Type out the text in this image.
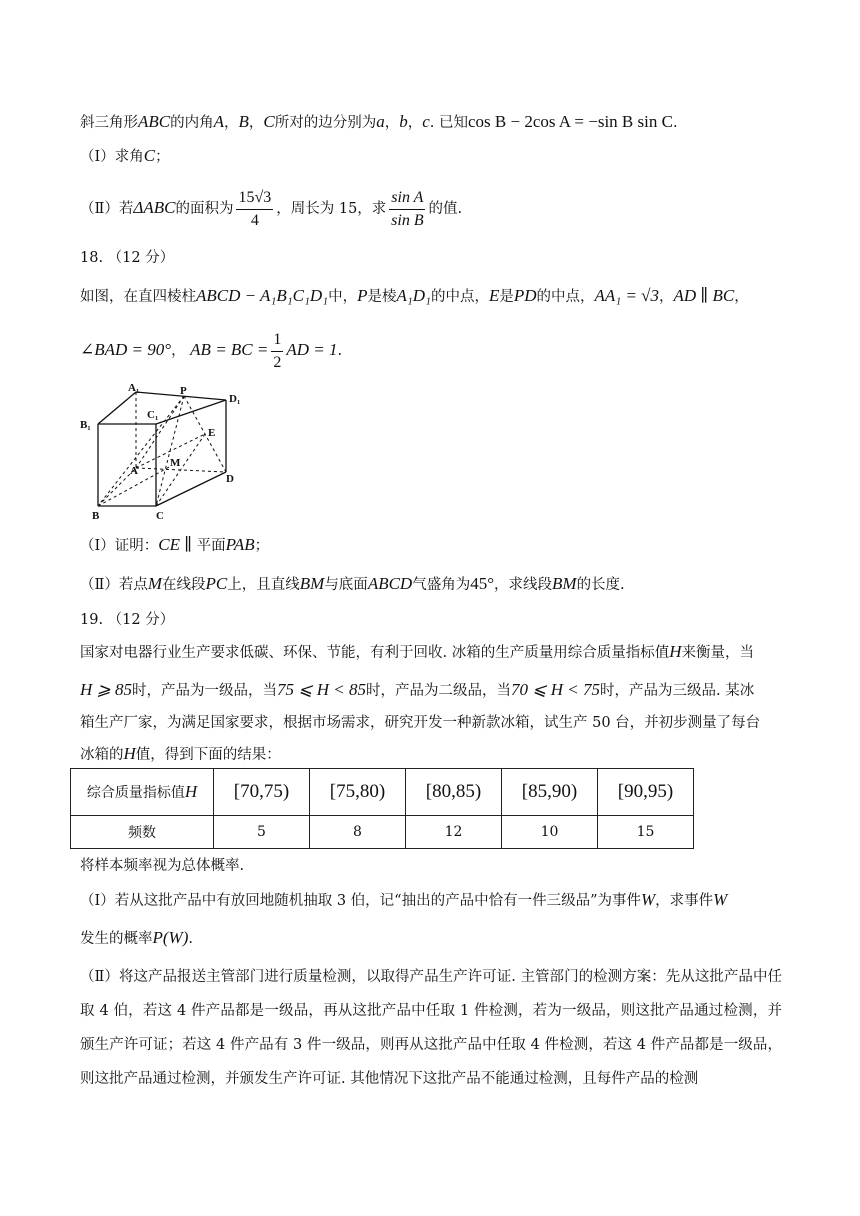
斜三角形ABC的内角A，B，C所对的边分别为a，b，c. 已知cos B − 2cos A = −sin B sin C.
（Ⅰ）求角C；
（Ⅱ）若ΔABC的面积为 $\frac{15√3}{4}$ ，周长为 15，求 $\frac{\text{sin A}}{\text{sin B}}$ 的值.
18. （12 分）
如图，在直四棱柱ABCD − A₁B₁C₁D₁中，P是棱A₁D₁的中点，E是PD的中点，AA₁ = √3，AD ∥ BC，
∠BAD = 90°， AB = BC = $\frac{1}{2}$ AD = 1.
A₁	P
D₁
B₁
C₁
E
A
M
D
B	C
（Ⅰ）证明：CE ∥ 平面PAB；
（Ⅱ）若点M在线段PC上，且直线BM与底面ABCD气盛角为45°，求线段BM的长度.
19. （12 分）
国家对电器行业生产要求低碳、环保、节能，有利于回收. 冰箱的生产质量用综合质量指标值H来衡量，当
H ⩾ 85时，产品为一级品，当75 ⩽ H < 85时，产品为二级品，当70 ⩽ H < 75时，产品为三级品. 某冰
箱生产厂家，为满足国家要求，根据市场需求，研究开发一种新款冰箱，试生产 50 台，并初步测量了每台
冰箱的H值，得到下面的结果：
综合质量指标值H	[70,75)	[75,80)	[80,85)	[85,90)	[90,95)
频数	5	8	12	10	15
将样本频率视为总体概率.
（Ⅰ）若从这批产品中有放回地随机抽取 3 伯，记“抽出的产品中恰有一件三级品”为事件W，求事件W
发生的概率P(W).
（Ⅱ）将这产品报送主管部门进行质量检测，以取得产品生产许可证. 主管部门的检测方案：先从这批产品中任取 4 伯，若这 4 件产品都是一级品，再从这批产品中任取 1 件检测，若为一级品，则这批产品通过检测，并颁生产许可证；若这 4 件产品有 3 件一级品，则再从这批产品中任取 4 件检测，若这 4 件产品都是一级品，则这批产品通过检测，并颁发生产许可证. 其他情况下这批产品不能通过检测，且每件产品的检测
